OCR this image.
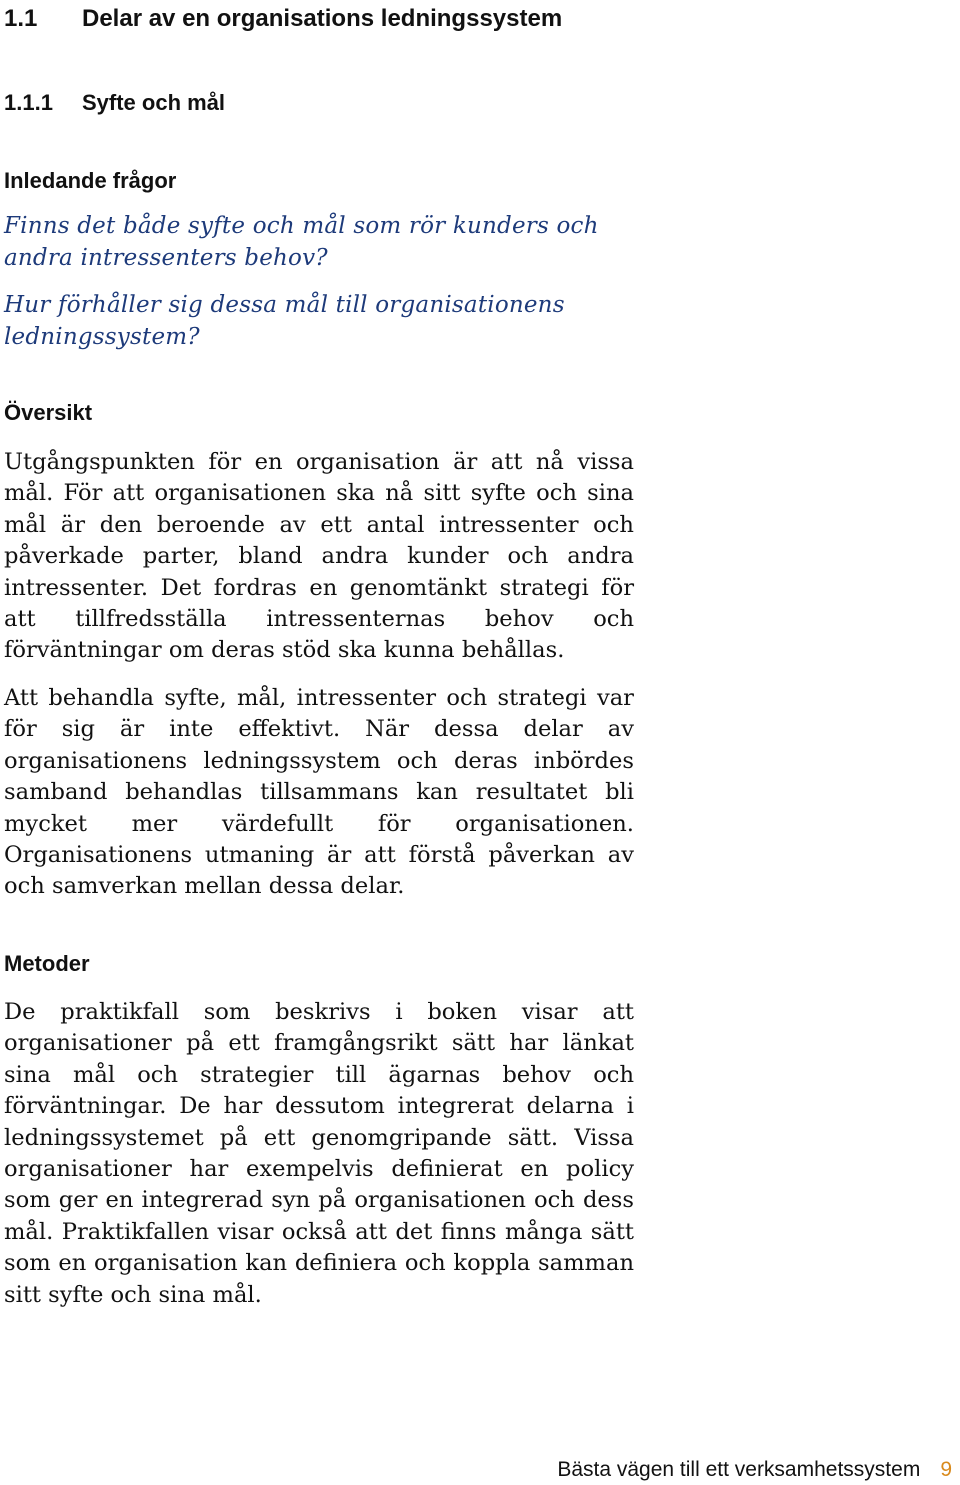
1.1	Delar av en organisations ledningssystem
1.1.1 Syfte och mål
Inledande frågor

Finns det både syfte och mål som rör kunders och andra intressenters behov?

Hur förhåller sig dessa mål till organisationens ledningssystem?

Översikt

Utgångspunkten för en organisation är att nå vissa mål. För att organisationen ska nå sitt syfte och sina mål är den beroende av ett antal intressenter och påverkade parter, bland andra kunder och andra intressenter. Det fordras en genomtänkt strategi för att tillfredsställa intressenternas behov och förväntningar om deras stöd ska kunna behållas.

Att behandla syfte, mål, intressenter och strategi var för sig är inte effektivt. När dessa delar av organisationens ledningssystem och deras inbördes samband behandlas tillsammans kan resultatet bli mycket mer värdefullt för organisationen. Organisationens utmaning är att förstå påverkan av och samverkan mellan dessa delar.

Metoder

De praktikfall som beskrivs i boken visar att organisationer på ett framgångsrikt sätt har länkat sina mål och strategier till ägarnas behov och förväntningar. De har dessutom integrerat delarna i ledningssystemet på ett genomgripande sätt. Vissa organisationer har exempelvis definierat en policy som ger en integrerad syn på organisationen och dess mål. Praktikfallen visar också att det finns många sätt som en organisation kan definiera och koppla samman sitt syfte och sina mål.

Bästa vägen till ett verksamhetssystem 9
